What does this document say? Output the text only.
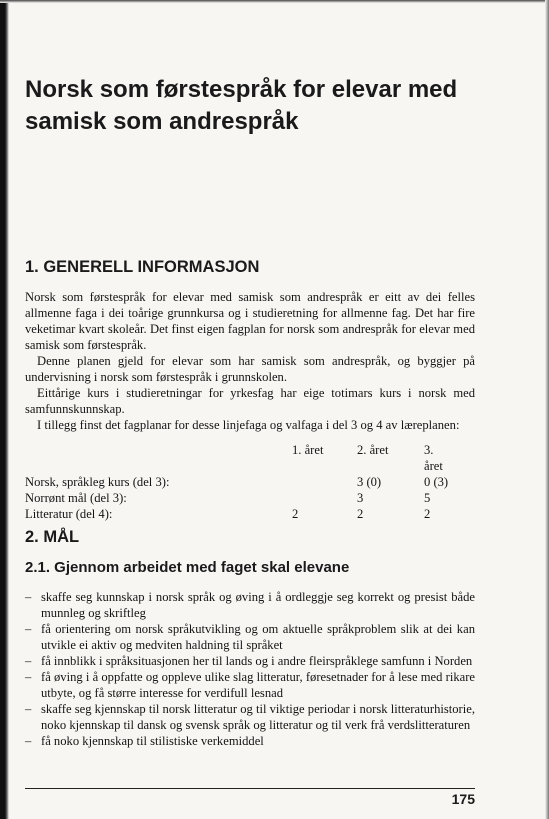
Norsk som førstespråk for elevar med samisk som andrespråk
1. GENERELL INFORMASJON

Norsk som førstespråk for elevar med samisk som andrespråk er eitt av dei felles allmenne faga i dei toårige grunnkursa og i studieretning for allmenne fag. Det har fire veketimar kvart skoleår. Det finst eigen fagplan for norsk som andrespråk for elevar med samisk som førstespråk.

Denne planen gjeld for elevar som har samisk som andrespråk, og byggjer på undervisning i norsk som førstespråk i grunnskolen.

Eittårige kurs i studieretningar for yrkesfag har eige totimars kurs i norsk med samfunnskunnskap.

I tillegg finst det fagplanar for desse linjefaga og valfaga i del 3 og 4 av læreplanen:

	1. året	2. året	3. året
Norsk, språkleg kurs (del 3):		3 (0)	0 (3)
Norrønt mål (del 3):		3	5
Litteratur (del 4):	2	2	2
2. MÅL
2.1. Gjennom arbeidet med faget skal elevane
– skaffe seg kunnskap i norsk språk og øving i å ordleggje seg korrekt og presist både munnleg og skriftleg
– få orientering om norsk språkutvikling og om aktuelle språkproblem slik at dei kan utvikle ei aktiv og medviten haldning til språket
– få innblikk i språksituasjonen her til lands og i andre fleirspråklege samfunn i Norden
– få øving i å oppfatte og oppleve ulike slag litteratur, føresetnader for å lese med rikare utbyte, og få større interesse for verdifull lesnad
– skaffe seg kjennskap til norsk litteratur og til viktige periodar i norsk litteraturhistorie, noko kjennskap til dansk og svensk språk og litteratur og til verk frå verdslitteraturen
– få noko kjennskap til stilistiske verkemiddel
175
